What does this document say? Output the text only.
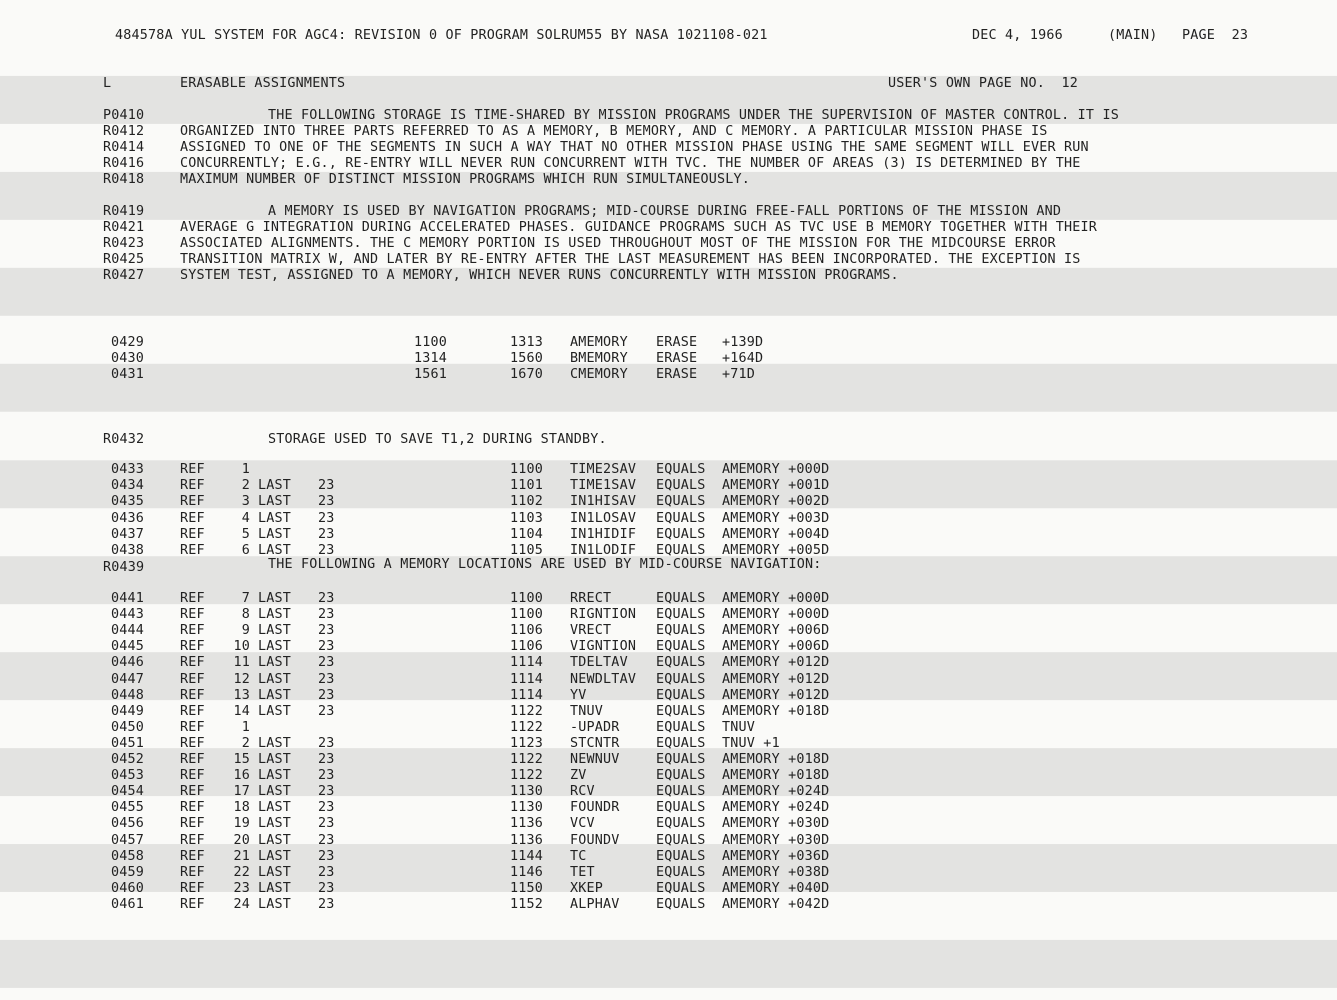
484578A YUL SYSTEM FOR AGC4: REVISION 0 OF PROGRAM SOLRUM55 BY NASA 1021108-021	DEC 4, 1966	(MAIN) PAGE  23
L	ERASABLE ASSIGNMENTS	USER'S OWN PAGE NO.  12
P0410	THE FOLLOWING STORAGE IS TIME-SHARED BY MISSION PROGRAMS UNDER THE SUPERVISION OF MASTER CONTROL. IT IS
R0412	ORGANIZED INTO THREE PARTS REFERRED TO AS A MEMORY, B MEMORY, AND C MEMORY. A PARTICULAR MISSION PHASE IS
R0414	ASSIGNED TO ONE OF THE SEGMENTS IN SUCH A WAY THAT NO OTHER MISSION PHASE USING THE SAME SEGMENT WILL EVER RUN
R0416	CONCURRENTLY; E.G., RE-ENTRY WILL NEVER RUN CONCURRENT WITH TVC. THE NUMBER OF AREAS (3) IS DETERMINED BY THE
R0418	MAXIMUM NUMBER OF DISTINCT MISSION PROGRAMS WHICH RUN SIMULTANEOUSLY.
R0419	A MEMORY IS USED BY NAVIGATION PROGRAMS; MID-COURSE DURING FREE-FALL PORTIONS OF THE MISSION AND
R0421	AVERAGE G INTEGRATION DURING ACCELERATED PHASES. GUIDANCE PROGRAMS SUCH AS TVC USE B MEMORY TOGETHER WITH THEIR
R0423	ASSOCIATED ALIGNMENTS. THE C MEMORY PORTION IS USED THROUGHOUT MOST OF THE MISSION FOR THE MIDCOURSE ERROR
R0425	TRANSITION MATRIX W, AND LATER BY RE-ENTRY AFTER THE LAST MEASUREMENT HAS BEEN INCORPORATED. THE EXCEPTION IS
R0427	SYSTEM TEST, ASSIGNED TO A MEMORY, WHICH NEVER RUNS CONCURRENTLY WITH MISSION PROGRAMS.
0429	1100	1313 AMEMORY ERASE +139D
0430	1314	1560 BMEMORY ERASE +164D
0431	1561	1670 CMEMORY ERASE +71D
R0432	STORAGE USED TO SAVE T1,2 DURING STANDBY.
0433	REF	1	1100 TIME2SAV EQUALS AMEMORY +000D
0434	REF	2 LAST 23	1101 TIME1SAV EQUALS AMEMORY +001D
0435	REF	3 LAST 23	1102 IN1HISAV EQUALS AMEMORY +002D
0436	REF	4 LAST 23	1103 IN1LOSAV EQUALS AMEMORY +003D
0437	REF	5 LAST 23	1104 IN1HIDIF EQUALS AMEMORY +004D
0438	REF	6 LAST 23	1105 IN1LODIF EQUALS AMEMORY +005D
R0439	THE FOLLOWING A MEMORY LOCATIONS ARE USED BY MID-COURSE NAVIGATION:
0441	REF	7 LAST 23	1100 RRECT	EQUALS AMEMORY +000D
0443	REF	8 LAST 23	1100 RIGNTION EQUALS AMEMORY +000D
0444	REF	9 LAST 23	1106 VRECT	EQUALS AMEMORY +006D
0445	REF	10 LAST 23	1106 VIGNTION EQUALS AMEMORY +006D
0446	REF	11 LAST 23	1114 TDELTAV EQUALS AMEMORY +012D
0447	REF	12 LAST 23	1114 NEWDLTAV EQUALS AMEMORY +012D
0448	REF	13 LAST 23	1114 YV	EQUALS AMEMORY +012D
0449	REF	14 LAST 23	1122 TNUV	EQUALS AMEMORY +018D
0450	REF	1	1122 -UPADR	EQUALS TNUV
0451	REF	2 LAST 23	1123 STCNTR	EQUALS TNUV +1
0452	REF	15 LAST 23	1122 NEWNUV	EQUALS AMEMORY +018D
0453	REF	16 LAST 23	1122 ZV	EQUALS AMEMORY +018D
0454	REF	17 LAST 23	1130 RCV	EQUALS AMEMORY +024D
0455	REF	18 LAST 23	1130 FOUNDR	EQUALS AMEMORY +024D
0456	REF	19 LAST 23	1136 VCV	EQUALS AMEMORY +030D
0457	REF	20 LAST 23	1136 FOUNDV	EQUALS AMEMORY +030D
0458	REF	21 LAST 23	1144 TC	EQUALS AMEMORY +036D
0459	REF	22 LAST 23	1146 TET	EQUALS AMEMORY +038D
0460	REF	23 LAST 23	1150 XKEP	EQUALS AMEMORY +040D
0461	REF	24 LAST 23	1152 ALPHAV	EQUALS AMEMORY +042D
